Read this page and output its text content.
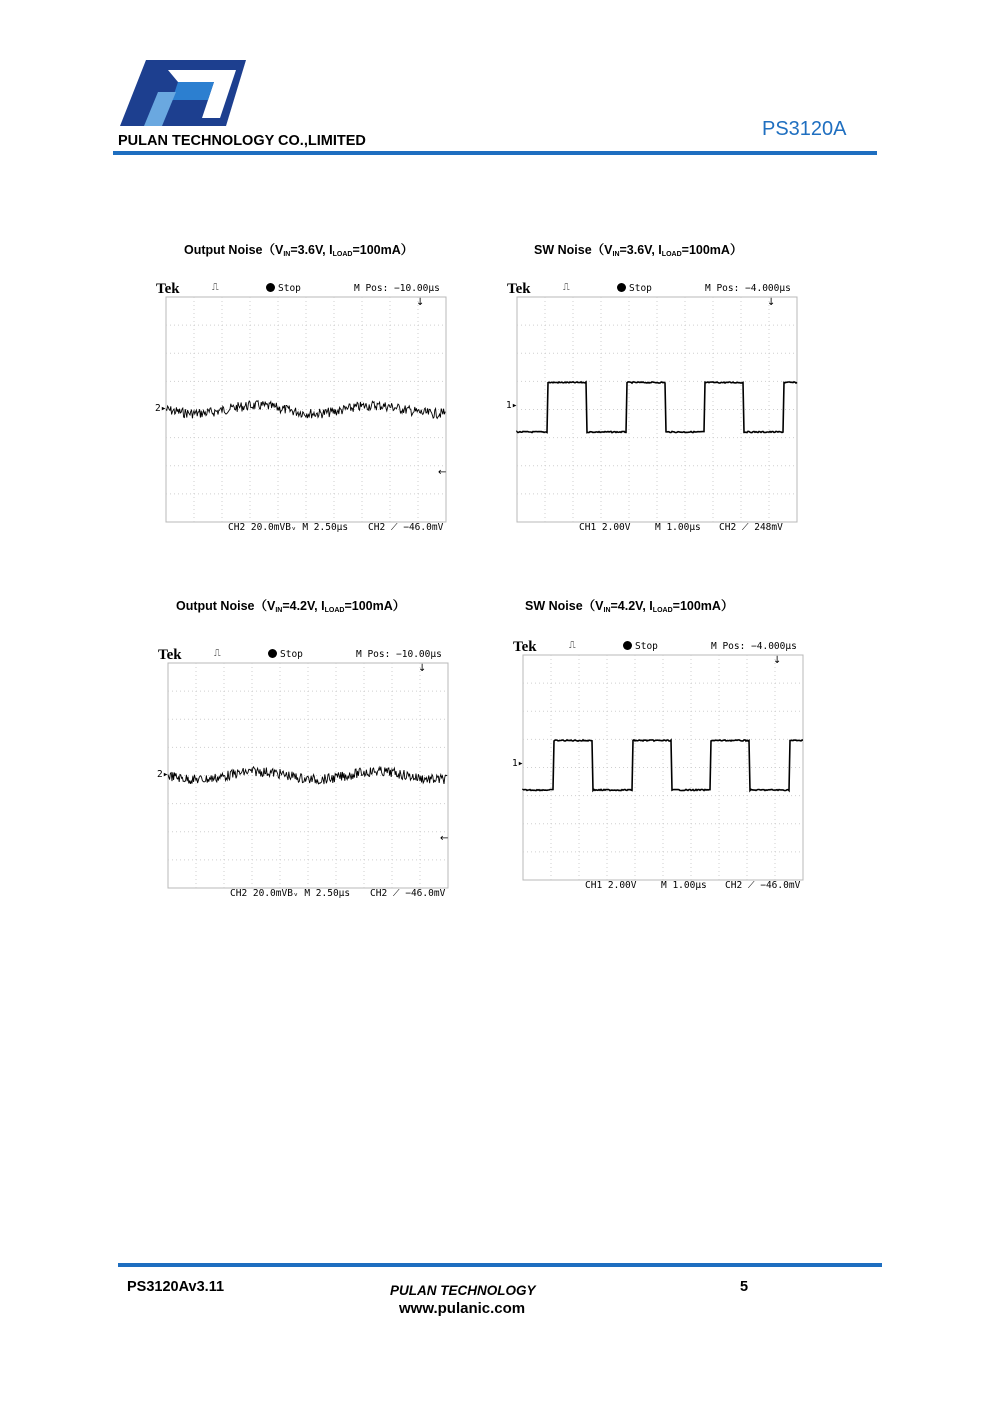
PULAN TECHNOLOGY CO.,LIMITED
PS3120A
Output $Noise(V_{IN}=3.6V$, $I_{LOAD}=100mA$）	SW $Noise(V_{IN}=3.6V$, $I_{LOAD}=100mA$）
Output $Noise(V_{IN}=4.2V$, $I_{LOAD}=100mA$）	SW $Noise(V_{IN}=4.2V$, $I_{LOAD}=100mA$）
Tek	⎍	Stop	M Pos: −10.00µs
CH2 20.0mVBᵥ M 2.50µs CH2 ⟋ −46.0mV
2▸
↓
←
Tek	⎍	Stop	M Pos: −4.000µs
CH1 2.00V	M 1.00µs CH2 ⟋ 248mV
1▸
↓
Tek	⎍	Stop	M Pos: −10.00µs
CH2 20.0mVBᵥ M 2.50µs CH2 ⟋ −46.0mV
2▸
↓
←
Tek	⎍	Stop	M Pos: −4.000µs
CH1 2.00V	M 1.00µs CH2 ⟋ −46.0mV
1▸
↓
PS3120Av3.11	PULAN TECHNOLOGY
www.pulanic.com
5
